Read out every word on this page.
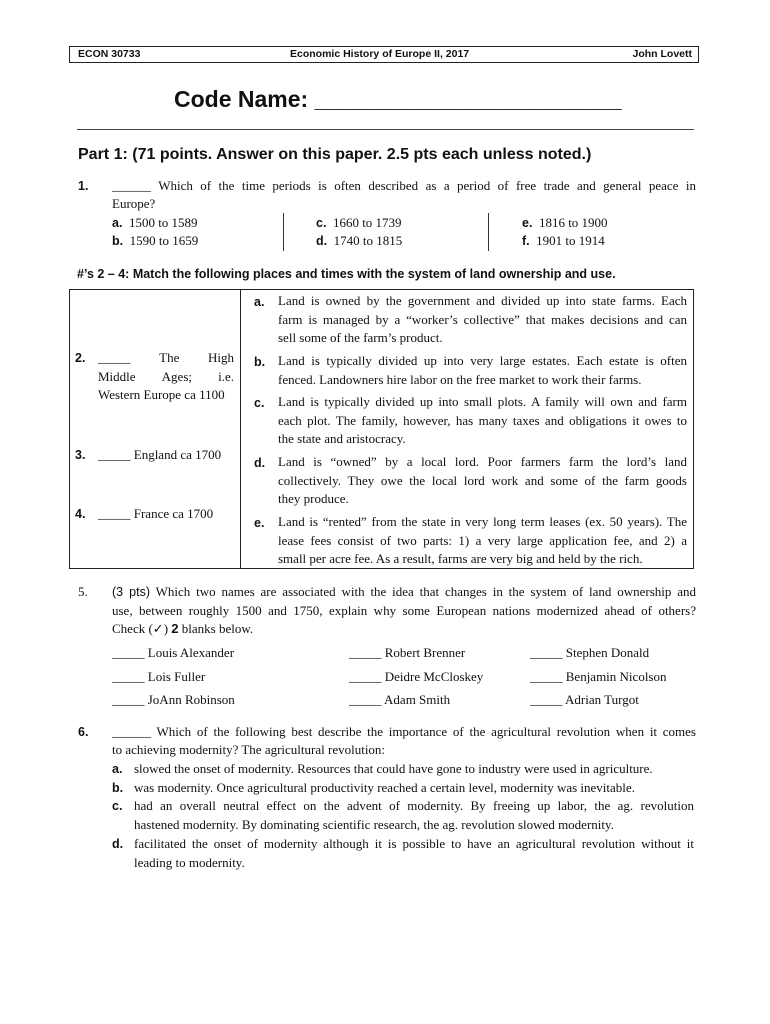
ECON 30733	Economic History of Europe II, 2017	John Lovett
Code Name: ________________________
Part 1: (71 points. Answer on this paper. 2.5 pts each unless noted.)
1. ______ Which of the time periods is often described as a period of free trade and general peace in
Europe?
a. 1500 to 1589
b. 1590 to 1659
c. 1660 to 1739
d. 1740 to 1815
e. 1816 to 1900
f. 1901 to 1914
#’s 2 – 4: Match the following places and times with the system of land ownership and use.
2. _____ The High
Middle Ages; i.e.
Western Europe ca 1100
3. _____ England ca 1700
4. _____ France ca 1700
a. Land is owned by the government and divided up into state farms. Each
farm is managed by a “worker’s collective” that makes decisions and can
sell some of the farm’s product.
b. Land is typically divided up into very large estates. Each estate is often
fenced. Landowners hire labor on the free market to work their farms.
c. Land is typically divided up into small plots. A family will own and farm
each plot. The family, however, has many taxes and obligations it owes to
the state and aristocracy.
d. Land is “owned” by a local lord. Poor farmers farm the lord’s land
collectively. They owe the local lord work and some of the farm goods
they produce.
e. Land is “rented” from the state in very long term leases (ex. 50 years). The
lease fees consist of two parts: 1) a very large application fee, and 2) a
small per acre fee. As a result, farms are very big and held by the rich.
5. (3 pts) Which two names are associated with the idea that changes in the system of land ownership and
use, between roughly 1500 and 1750, explain why some European nations modernized ahead of others?
Check (✓) 2 blanks below.
_____ Louis Alexander	_____ Robert Brenner	_____ Stephen Donald
_____ Lois Fuller	_____ Deidre McCloskey	_____ Benjamin Nicolson
_____ JoAnn Robinson	_____ Adam Smith	_____ Adrian Turgot
6. ______ Which of the following best describe the importance of the agricultural revolution when it comes
to achieving modernity? The agricultural revolution:
a. slowed the onset of modernity. Resources that could have gone to industry were used in agriculture.
b. was modernity. Once agricultural productivity reached a certain level, modernity was inevitable.
c. had an overall neutral effect on the advent of modernity. By freeing up labor, the ag. revolution
hastened modernity. By dominating scientific research, the ag. revolution slowed modernity.
d. facilitated the onset of modernity although it is possible to have an agricultural revolution without it
leading to modernity.
